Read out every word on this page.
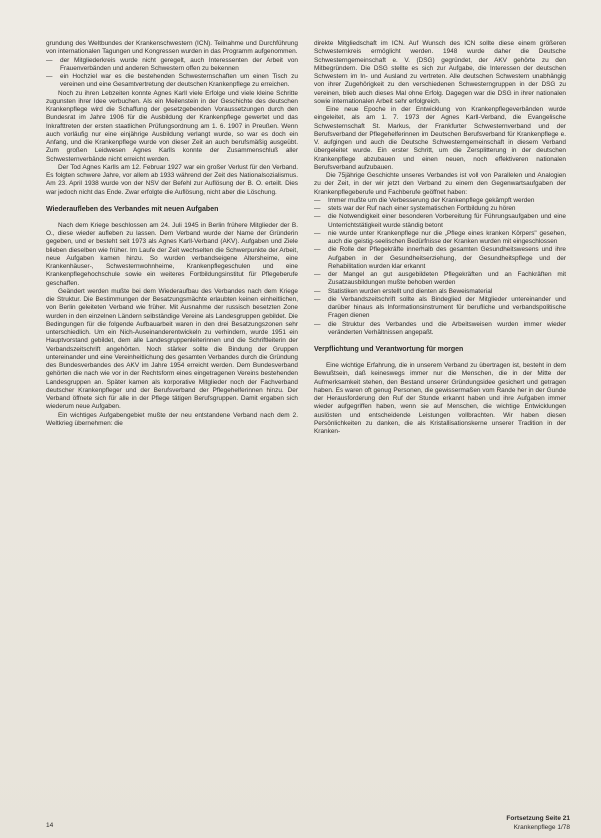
grundung des Weltbundes der Krankenschwestern (ICN). Teilnahme und Durchführung von internationalen Tagungen und Kongressen wurden in das Programm aufgenommen.

— der Mitgliederkreis wurde nicht geregelt, auch Interessenten der Arbeit von Frauenverbänden und anderen Schwestern offen zu bekennen
— ein Hochziel war es die bestehenden Schwesternschaften um einen Tisch zu vereinen und eine Gesamtvertretung der deutschen Krankenpflege zu erreichen.

Noch zu ihren Lebzeiten konnte Agnes Karll viele Erfolge und viele kleine Schritte zugunsten ihrer Idee verbuchen. Als ein Meilenstein in der Geschichte des deutschen Krankenpflege wird die Schaffung der gesetzgebenden Voraussetzungen durch den Bundesrat im Jahre 1906 für die Ausbildung der Krankenpflege gewertet und das Inkrafttreten der ersten staatlichen Prüfungsordnung am 1. 6. 1907 in Preußen. Wenn auch vorläufig nur eine einjährige Ausbildung verlangt wurde, so war es doch ein Anfang, und die Krankenpflege wurde von dieser Zeit an auch berufsmäßig ausgeübt. Zum großen Leidwesen Agnes Karlls konnte der Zusammenschluß aller Schwesternverbände nicht erreicht werden.

Der Tod Agnes Karlls am 12. Februar 1927 war ein großer Verlust für den Verband. Es folgten schwere Jahre, vor allem ab 1933 während der Zeit des Nationalsozialismus. Am 23. April 1938 wurde von der NSV der Befehl zur Auflösung der B. O. erteilt. Dies war jedoch nicht das Ende. Zwar erfolgte die Auflösung, nicht aber die Löschung.

Wiederaufleben des Verbandes mit neuen Aufgaben

Nach dem Kriege beschlossen am 24. Juli 1945 in Berlin frühere Mitglieder der B. O., diese wieder aufleben zu lassen. Dem Verband wurde der Name der Gründerin gegeben, und er besteht seit 1973 als Agnes Karll-Verband (AKV). Aufgaben und Ziele blieben dieselben wie früher. Im Laufe der Zeit wechselten die Schwerpunkte der Arbeit, neue Aufgaben kamen hinzu. So wurden verbandseigene Altersheime, eine Krankenhäuser-, Schwesternwohnheime, Krankenpflegeschulen und eine Krankenpflegehochschule sowie ein weiteres Fortbildungsinstitut für Pflegeberufe geschaffen.

Geändert werden mußte bei dem Wiederaufbau des Verbandes nach dem Kriege die Struktur. Die Bestimmungen der Besatzungsmächte erlaubten keinen einheitlichen, von Berlin geleiteten Verband wie früher. Mit Ausnahme der russisch besetzten Zone wurden in den einzelnen Ländern selbständige Vereine als Landesgruppen gebildet. Die Bedingungen für die folgende Aufbauarbeit waren in den drei Besatzungszonen sehr unterschiedlich. Um ein Nich-Auseinanderentwickeln zu verhindern, wurde 1951 ein Hauptvorstand gebildet, dem alle Landesgruppenleiterinnen und die Schriftleiterin der Verbandszeitschrift angehörten. Noch stärker sollte die Bindung der Gruppen untereinander und eine Vereinheitlichung des gesamten Verbandes durch die Gründung des Bundesverbandes des AKV im Jahre 1954 erreicht werden. Dem Bundesverband gehörten die nach wie vor in der Rechtsform eines eingetragenen Vereins bestehenden Landesgruppen an. Später kamen als korporative Mitglieder noch der Fachverband deutscher Krankenpfleger und der Berufsverband der Pflegehelferinnen hinzu. Der Verband öffnete sich für alle in der Pflege tätigen Berufsgruppen. Damit ergaben sich wiederum neue Aufgaben.

Ein wichtiges Aufgabengebiet mußte der neu entstandene Verband nach dem 2. Weltkrieg übernehmen: die

direkte Mitgliedschaft im ICN. Auf Wunsch des ICN sollte diese einem größeren Schwesternkreis ermöglicht werden. 1948 wurde daher die Deutsche Schwesterngemeinschaft e. V. (DSG) gegründet, der AKV gehörte zu den Mitbegründern. Die DSG stellte es sich zur Aufgabe, die Interessen der deutschen Schwestern im In- und Ausland zu vertreten. Alle deutschen Schwestern unabhängig von ihrer Zugehörigkeit zu den verschiedenen Schwesterngruppen in der DSG zu vereinen, blieb auch dieses Mal ohne Erfolg. Dagegen war die DSG in ihrer nationalen sowie internationalen Arbeit sehr erfolgreich.

Eine neue Epoche in der Entwicklung von Krankenpflegeverbänden wurde eingeleitet, als am 1. 7. 1973 der Agnes Karll-Verband, die Evangelische Schwesternschaft St. Markus, der Frankfurter Schwesternverband und der Berufsverband der Pflegehelferinnen im Deutschen Berufsverband für Krankenpflege e. V. aufgingen und auch die Deutsche Schwesterngemeinschaft in diesem Verband übergeleitet wurde. Ein erster Schritt, um die Zersplitterung in der deutschen Krankenpflege abzubauen und einen neuen, noch effektiveren nationalen Berufsverband aufzubauen.

Die 75jährige Geschichte unseres Verbandes ist voll von Parallelen und Analogien zu der Zeit, in der wir jetzt den Verband zu einem den Gegenwartsaufgaben der Krankenpflegeberufe und Fachberufe geöffnet haben:

— Immer mußte um die Verbesserung der Krankenpflege gekämpft werden
— stets war der Ruf nach einer systematischen Fortbildung zu hören
— die Notwendigkeit einer besonderen Vorbereitung für Führungsaufgaben und eine Unterrichtstätigkeit wurde ständig betont
— nie wurde unter Krankenpflege nur die „Pflege eines kranken Körpers" gesehen, auch die geistig-seelischen Bedürfnisse der Kranken wurden mit eingeschlossen
— die Rolle der Pflegekräfte innerhalb des gesamten Gesundheitswesens und ihre Aufgaben in der Gesundheitserziehung, der Gesundheitspflege und der Rehabilitation wurden klar erkannt
— der Mangel an gut ausgebildeten Pflegekräften und an Fachkräften mit Zusatzausbildungen mußte behoben werden
— Statistiken wurden erstellt und dienten als Beweismaterial
— die Verbandszeitschrift sollte als Bindeglied der Mitglieder untereinander und darüber hinaus als Informationsinstrument für berufliche und verbandspolitische Fragen dienen
— die Struktur des Verbandes und die Arbeitsweisen wurden immer wieder veränderten Verhältnissen angepaßt.
Verpflichtung und Verantwortung für morgen

Eine wichtige Erfahrung, die in unserem Verband zu übertragen ist, besteht in dem Bewußtsein, daß keineswegs immer nur die Menschen, die in der Mitte der Aufmerksamkeit stehen, den Bestand unserer Gründungsidee gesichert und getragen haben. Es waren oft genug Personen, die gewissermaßen vom Rande her in der Gunde der Herausforderung den Ruf der Stunde erkannt haben und ihre Aufgaben immer wieder aufgegriffen haben, wenn sie auf Menschen, die wichtige Entwicklungen auslösten und entscheidende Leistungen vollbrachten. Wir haben diesen Persönlichkeiten zu danken, die als Kristallisationskerne unserer Tradition in der Kranken-

14
Fortsetzung Seite 21
Krankenpflege 1/78
